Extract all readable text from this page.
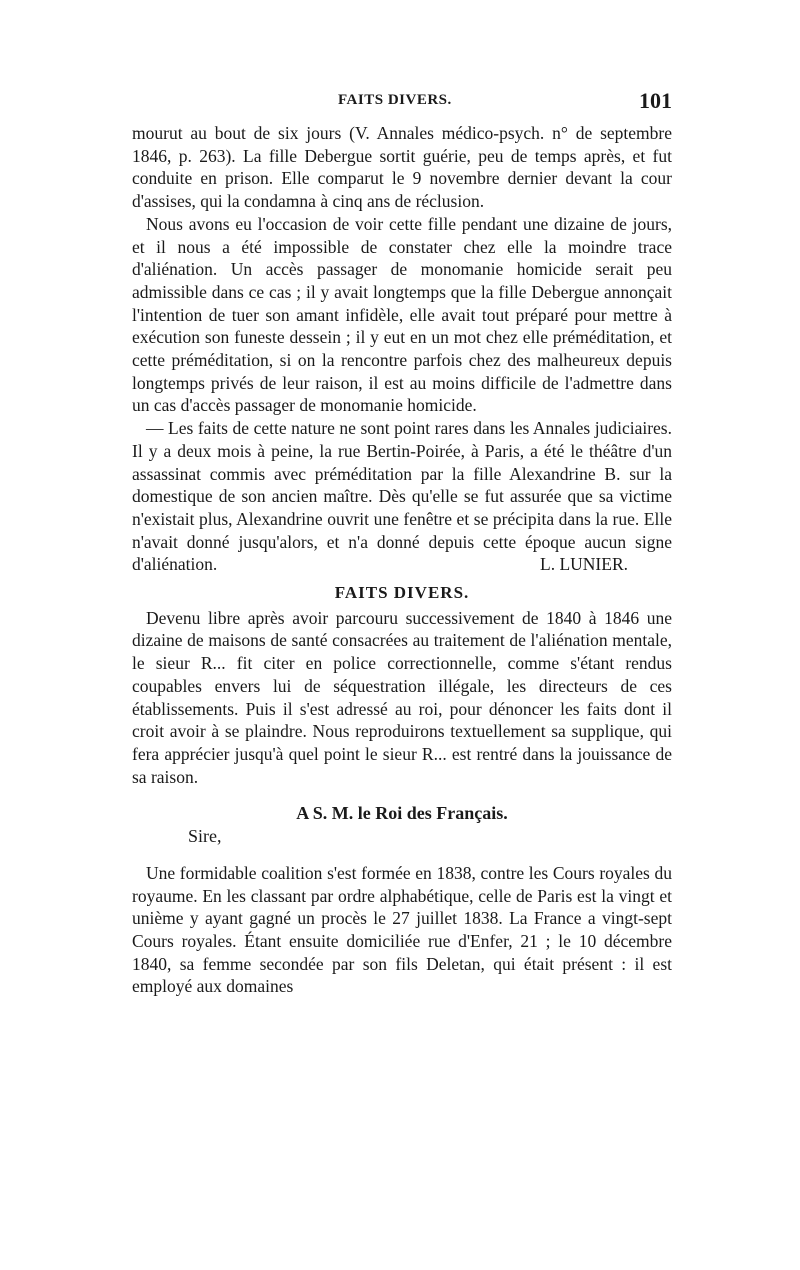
FAITS DIVERS.	101

mourut au bout de six jours (V. Annales médico-psych. n° de septembre 1846, p. 263). La fille Debergue sortit guérie, peu de temps après, et fut conduite en prison. Elle comparut le 9 novembre dernier devant la cour d'assises, qui la condamna à cinq ans de réclusion.

Nous avons eu l'occasion de voir cette fille pendant une dizaine de jours, et il nous a été impossible de constater chez elle la moindre trace d'aliénation. Un accès passager de monomanie homicide serait peu admissible dans ce cas ; il y avait longtemps que la fille Debergue annonçait l'intention de tuer son amant infidèle, elle avait tout préparé pour mettre à exécution son funeste dessein ; il y eut en un mot chez elle préméditation, et cette préméditation, si on la rencontre parfois chez des malheureux depuis longtemps privés de leur raison, il est au moins difficile de l'admettre dans un cas d'accès passager de monomanie homicide.

— Les faits de cette nature ne sont point rares dans les Annales judiciaires. Il y a deux mois à peine, la rue Bertin-Poirée, à Paris, a été le théâtre d'un assassinat commis avec préméditation par la fille Alexandrine B. sur la domestique de son ancien maître. Dès qu'elle se fut assurée que sa victime n'existait plus, Alexandrine ouvrit une fenêtre et se précipita dans la rue. Elle n'avait donné jusqu'alors, et n'a donné depuis cette époque aucun signe d'aliénation.	L. LUNIER.

FAITS DIVERS.

Devenu libre après avoir parcouru successivement de 1840 à 1846 une dizaine de maisons de santé consacrées au traitement de l'aliénation mentale, le sieur R... fit citer en police correctionnelle, comme s'étant rendus coupables envers lui de séquestration illégale, les directeurs de ces établissements. Puis il s'est adressé au roi, pour dénoncer les faits dont il croit avoir à se plaindre. Nous reproduirons textuellement sa supplique, qui fera apprécier jusqu'à quel point le sieur R... est rentré dans la jouissance de sa raison.

A S. M. le Roi des Français.
Sire,

Une formidable coalition s'est formée en 1838, contre les Cours royales du royaume. En les classant par ordre alphabétique, celle de Paris est la vingt et unième y ayant gagné un procès le 27 juillet 1838. La France a vingt-sept Cours royales. Étant ensuite domiciliée rue d'Enfer, 21 ; le 10 décembre 1840, sa femme secondée par son fils Deletan, qui était présent : il est employé aux domaines
